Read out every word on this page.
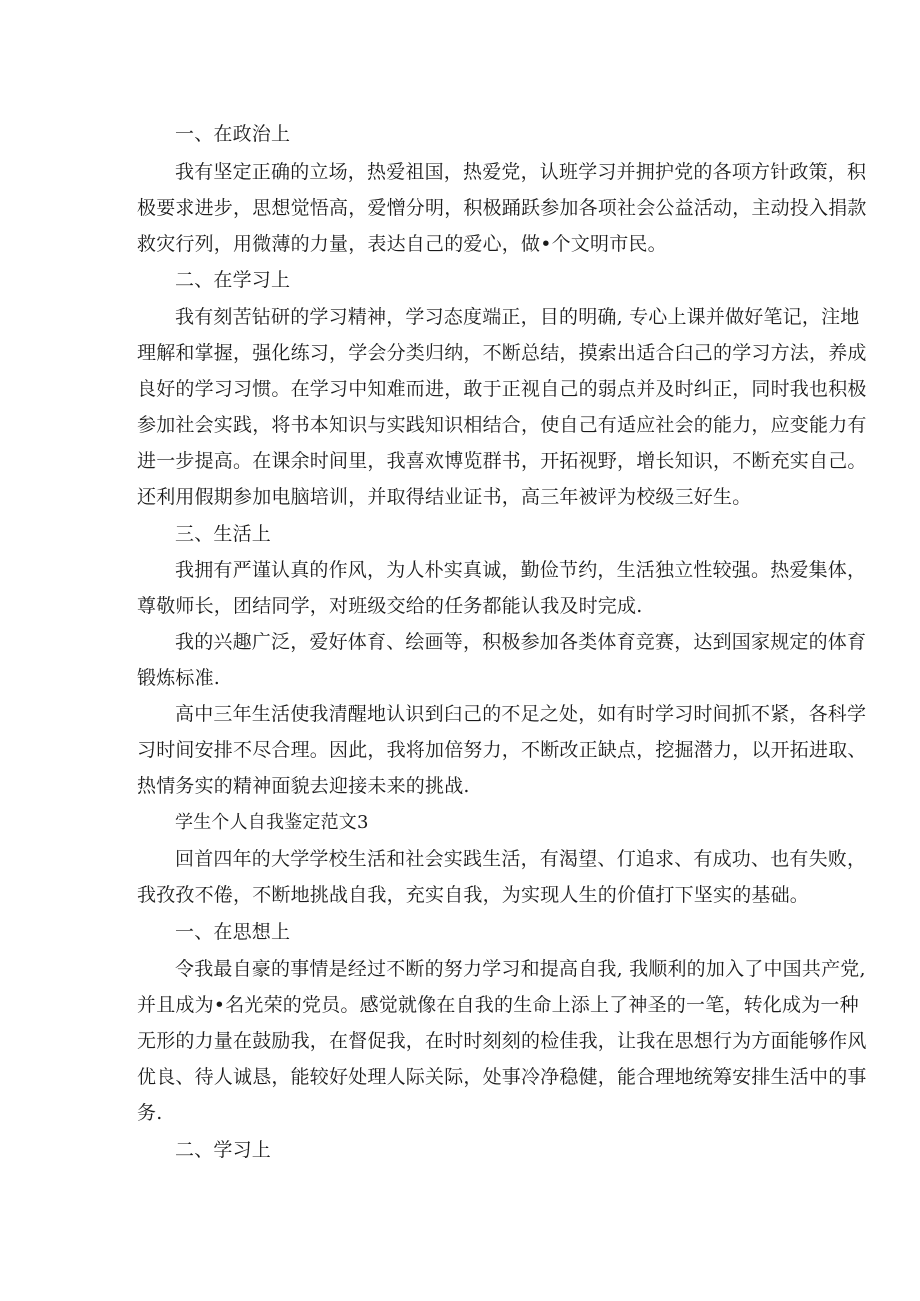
一、在政治上
我有坚定正确的立场，热爱祖国，热爱党，认班学习并拥护党的各项方针政策，积
极要求进步，思想觉悟高，爱憎分明，积极踊跃参加各项社会公益活动，主动投入捐款
救灾行列，用微薄的力量，表达自己的爱心，做•个文明市民。
二、在学习上
我有刻苦钻研的学习精神，学习态度端正，目的明确, 专心上课并做好笔记，注地
理解和掌握，强化练习，学会分类归纳，不断总结，摸索出适合臼己的学习方法，养成
良好的学习习惯。在学习中知难而进，敢于正视自己的弱点并及时纠正，同时我也积极
参加社会实践，将书本知识与实践知识相结合，使自己有适应社会的能力，应变能力有
进一步提高。在课余时间里，我喜欢博览群书，开拓视野，增长知识，不断充实自己。
还利用假期参加电脑培训，并取得结业证书，高三年被评为校级三好生。
三、生活上
我拥有严谨认真的作风，为人朴实真诚，勤俭节约，生活独立性较强。热爱集体，
尊敬师长，团结同学，对班级交给的任务都能认我及时完成.
我的兴趣广泛，爱好体育、绘画等，积极参加各类体育竞赛，达到国家规定的体育
锻炼标准.
高中三年生活使我清醒地认识到臼己的不足之处，如有时学习时间抓不紧，各科学
习时间安排不尽合理。因此，我将加倍努力，不断改正缺点，挖掘潜力，以开拓进取、
热情务实的精神面貌去迎接未来的挑战.
学生个人自我鉴定范文3
回首四年的大学学校生活和社会实践生活，有渴望、仃追求、有成功、也有失败，
我孜孜不倦，不断地挑战自我，充实自我，为实现人生的价值打下坚实的基础。
一、在思想上
令我最自豪的事情是经过不断的努力学习和提高自我, 我顺利的加入了中国共产党,
并且成为•名光荣的党员。感觉就像在自我的生命上添上了神圣的一笔，转化成为一种
无形的力量在鼓励我，在督促我，在时时刻刻的检佳我，让我在思想行为方面能够作风
优良、待人诚恳，能较好处理人际关际，处事冷净稳健，能合理地统筹安排生活中的事
务.
二、学习上
